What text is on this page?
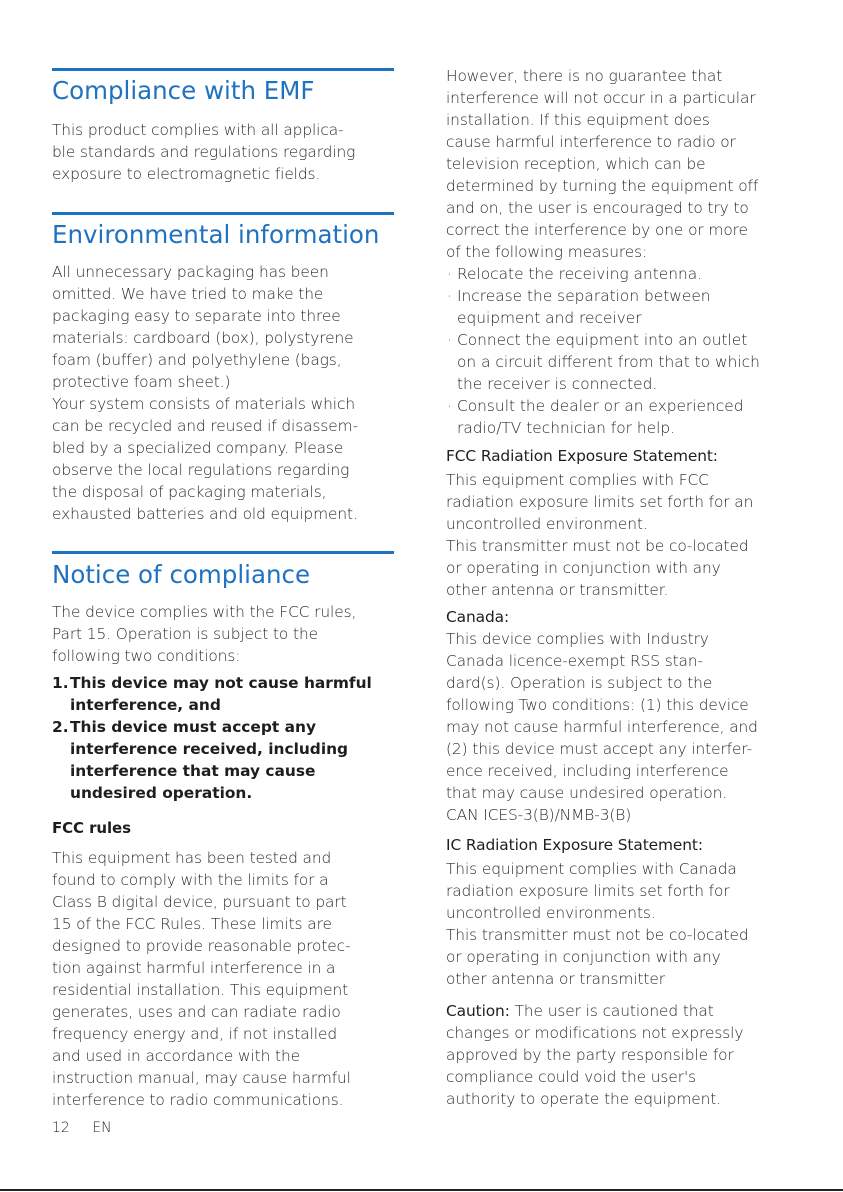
Compliance with EMF

This product complies with all applica-
ble standards and regulations regarding
exposure to electromagnetic fields.

Environmental information

All unnecessary packaging has been
omitted. We have tried to make the
packaging easy to separate into three
materials: cardboard (box), polystyrene
foam (buffer) and polyethylene (bags,
protective foam sheet.)

Your system consists of materials which
can be recycled and reused if disassem-
bled by a specialized company. Please
observe the local regulations regarding
the disposal of packaging materials,
exhausted batteries and old equipment.

Notice of compliance

The device complies with the FCC rules,
Part 15. Operation is subject to the
following two conditions:

1. This device may not cause harmful
interference, and
2. This device must accept any
interference received, including
interference that may cause
undesired operation.

FCC rules

This equipment has been tested and
found to comply with the limits for a
Class B digital device, pursuant to part
15 of the FCC Rules. These limits are
designed to provide reasonable protec-
tion against harmful interference in a
residential installation. This equipment
generates, uses and can radiate radio
frequency energy and, if not installed
and used in accordance with the
instruction manual, may cause harmful
interference to radio communications.

However, there is no guarantee that
interference will not occur in a particular
installation. If this equipment does
cause harmful interference to radio or
television reception, which can be
determined by turning the equipment off
and on, the user is encouraged to try to
correct the interference by one or more
of the following measures:

· Relocate the receiving antenna.
· Increase the separation between
equipment and receiver
· Connect the equipment into an outlet
on a circuit different from that to which
the receiver is connected.
· Consult the dealer or an experienced
radio/TV technician for help.

FCC Radiation Exposure Statement:

This equipment complies with FCC
radiation exposure limits set forth for an
uncontrolled environment.
This transmitter must not be co-located
or operating in conjunction with any
other antenna or transmitter.

Canada:

This device complies with Industry
Canada licence-exempt RSS stan-
dard(s). Operation is subject to the
following Two conditions: (1) this device
may not cause harmful interference, and
(2) this device must accept any interfer-
ence received, including interference
that may cause undesired operation.
CAN ICES-3(B)/NMB-3(B)

IC Radiation Exposure Statement:

This equipment complies with Canada
radiation exposure limits set forth for
uncontrolled environments.
This transmitter must not be co-located
or operating in conjunction with any
other antenna or transmitter

Caution: The user is cautioned that
changes or modifications not expressly
approved by the party responsible for
compliance could void the user's
authority to operate the equipment.

12 EN
